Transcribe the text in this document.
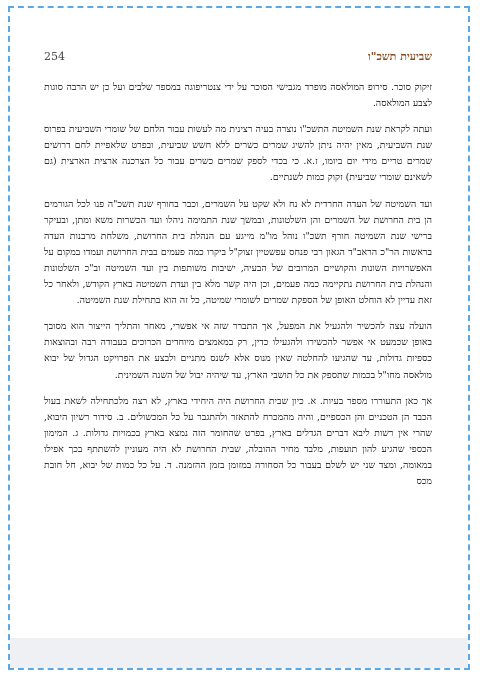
254	שביעית תשכ"ו

זיקוק סוכר. סירופ המולאסה מופרד מגבישי הסוכר על ידי צנטריפוגה במספר שלבים ועל כן יש הרבה סוגות לצבע המולאסה.

ועתה לקראת שנת השמיטה התשכ"ו נוצרה בעיה רצינית מה לעשות עבור הלחם של שומרי השביעית בפרוס שנת השביעית, מאין יהיה ניתן להשיג שמרים כשרים ללא חשש שביעית, ובפרט שלאפיית לחם דרושים שמרים טריים מידי יום ביומו, ז.א. כי בכדי לספק שמרים כשרים עבור כל הצרכנה ארצית הארצית (גם לשאינם שומרי שביעית) זקוק כמות לשנתיים.

ועד השמיטה של העדה החרדית לא נח ולא שקט על השמרים, וכבר בחורף שנת תשכ"ה פנו לכל הגורמים הן בית החרושת של השמרים והן השלטונות, ובמשך שנת התמימה ניהלו ועד הכשרות משא ומתן, ובעיקר ברישי שנת השמיטה חורף תשכ"ו נוהל מו"מ מייגע עם הנהלת בית החרושת, משלחת מרבנות העדה בראשות הר"כ הראב"ד הגאון רבי פנחס עפשטיין זצוק"ל ביקרו כמה פעמים בבית החרושת ועמדו במקום על האפשרויות השונות והקושיים המרובים של הבעיה, ישיבות משותפות בין ועד השמיטה וב"כ השלטונות והנהלת בית החרושת נתקיימה כמה פעמים, וכן היה קשר מלא בין ועדת השמיטה בארץ הקודש, ולאחר כל זאת עדיין לא הוחלט האופן של הספקת שמרים לשומרי שמיטה, כל זה הוא בתחילת שנת השמיטה.

הועלה עצה להכשיר ולהגעיל את המפעל, אך התברר שזה אי אפשרי, מאחר והתליך הייצור הוא מסובך באופן שכמעט אי אפשר להכשירו ולהגעילו כדין, רק במאמצים מיוחדים הכרוכים בעבודה רבה ובהוצאות כספיות גדולות, עד שהגיעו להחלטה שאין מנוס אלא לשנס מתניים ולבצע את הפרויקט הגדול של יבוא מולאסה מחו"ל בכמות שתספק את כל תושבי הארץ, עד שיהיה יבול של השנה השמינית.

אך כאן התעוררו מספר בעיות. א. כיון שבית החרושת היה היחידי בארץ, לא רצה מלכתחילה לשאת בעול הכבד הן הטכניים והן הכספיים, והיה מהמכרח להתאזר ולהתגבר על כל המכשולים. ב. סידור רשיון היבוא, שהרי אין רשות ליבא דברים הגדלים בארץ, בפרט שהחומר הזה נמצא בארץ בכמויות גדולות. ג. המימון הכספי שהגיע להון תועפות, מלבד מחיר ההובלה, שבית החרושת לא היה מעוניין להשתתף בכך אפילו במאומה, ומצד שני יש לשלם בעבור כל הסחורה במזומן בזמן ההזמנה. ד. על כל כמות של יבוא, חל חובת מכס
